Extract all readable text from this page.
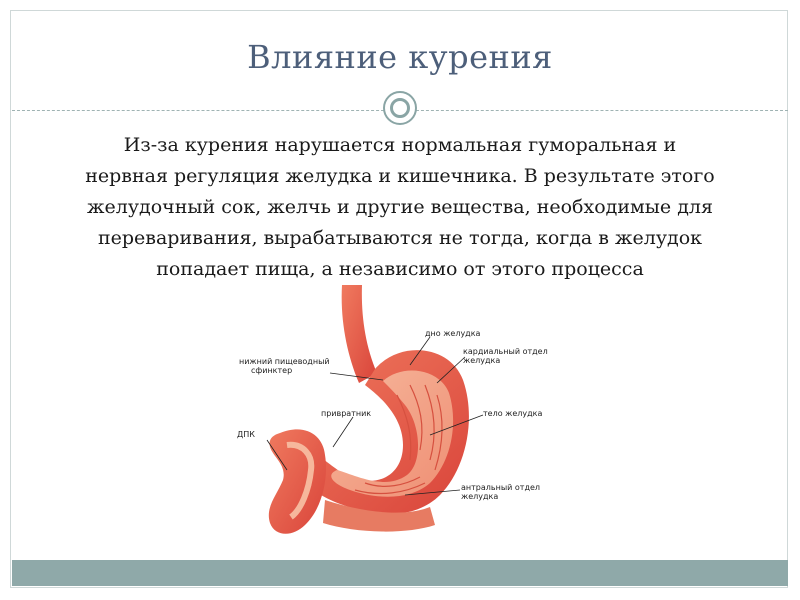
Влияние курения
Из-за курения нарушается нормальная гуморальная и
нервная регуляция желудка и кишечника. В результате этого
желудочный сок, желчь и другие вещества, необходимые для
переваривания, вырабатываются не тогда, когда в желудок
попадает пища, а независимо от этого процесса
дно желудка
кардиальный отдел
желудка
нижний пищеводный
сфинктер
привратник	тело желудка
ДПК
антральный отдел
желудка
